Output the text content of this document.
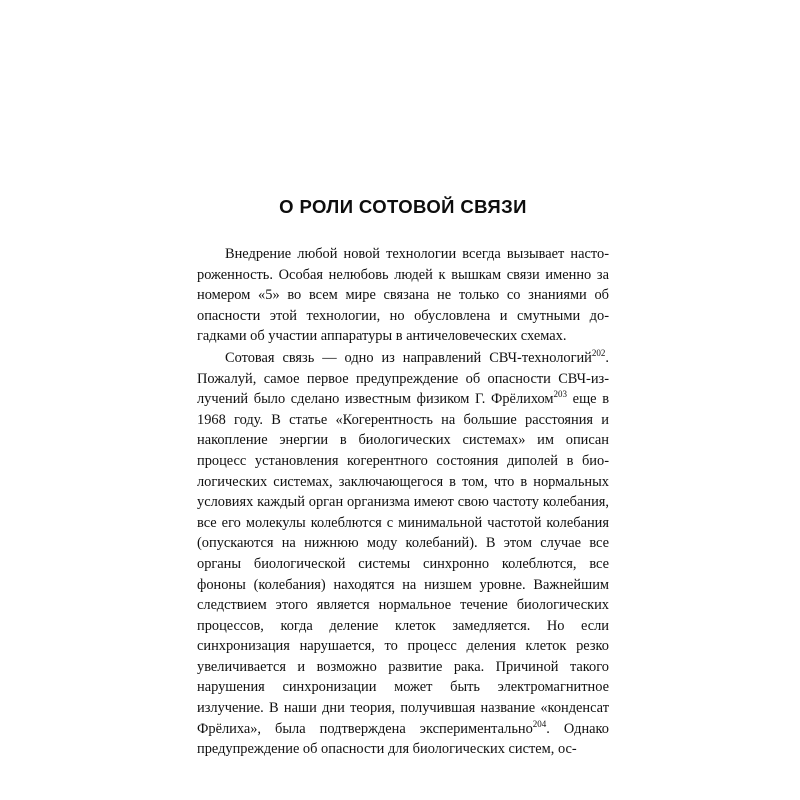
О РОЛИ СОТОВОЙ СВЯЗИ

Внедрение любой новой технологии всегда вызывает настороженность. Особая нелюбовь людей к вышкам связи именно за номером «5» во всем мире связана не только со знаниями об опасности этой технологии, но обусловлена и смутными догадками об участии аппаратуры в античеловеческих схемах.

Сотовая связь — одно из направлений СВЧ-технологий$^{202}$. Пожалуй, самое первое предупреждение об опасности СВЧ-излучений было сделано известным физиком Г. Фрёлихом$^{203}$ еще в 1968 году. В статье «Когерентность на большие расстояния и накопление энергии в биологических системах» им описан процесс установления когерентного состояния диполей в биологических системах, заключающегося в том, что в нормальных условиях каждый орган организма имеют свою частоту колебания, все его молекулы колеблются с минимальной частотой колебания (опускаются на нижнюю моду колебаний). В этом случае все органы биологической системы синхронно колеблются, все фононы (колебания) находятся на низшем уровне. Важнейшим следствием этого является нормальное течение биологических процессов, когда деление клеток замедляется. Но если синхронизация нарушается, то процесс деления клеток резко увеличивается и возможно развитие рака. Причиной такого нарушения синхронизации может быть электромагнитное излучение. В наши дни теория, получившая название «конденсат Фрёлиха», была подтверждена экспериментально$^{204}$. Однако предупреждение об опасности для биологических систем, ос-
